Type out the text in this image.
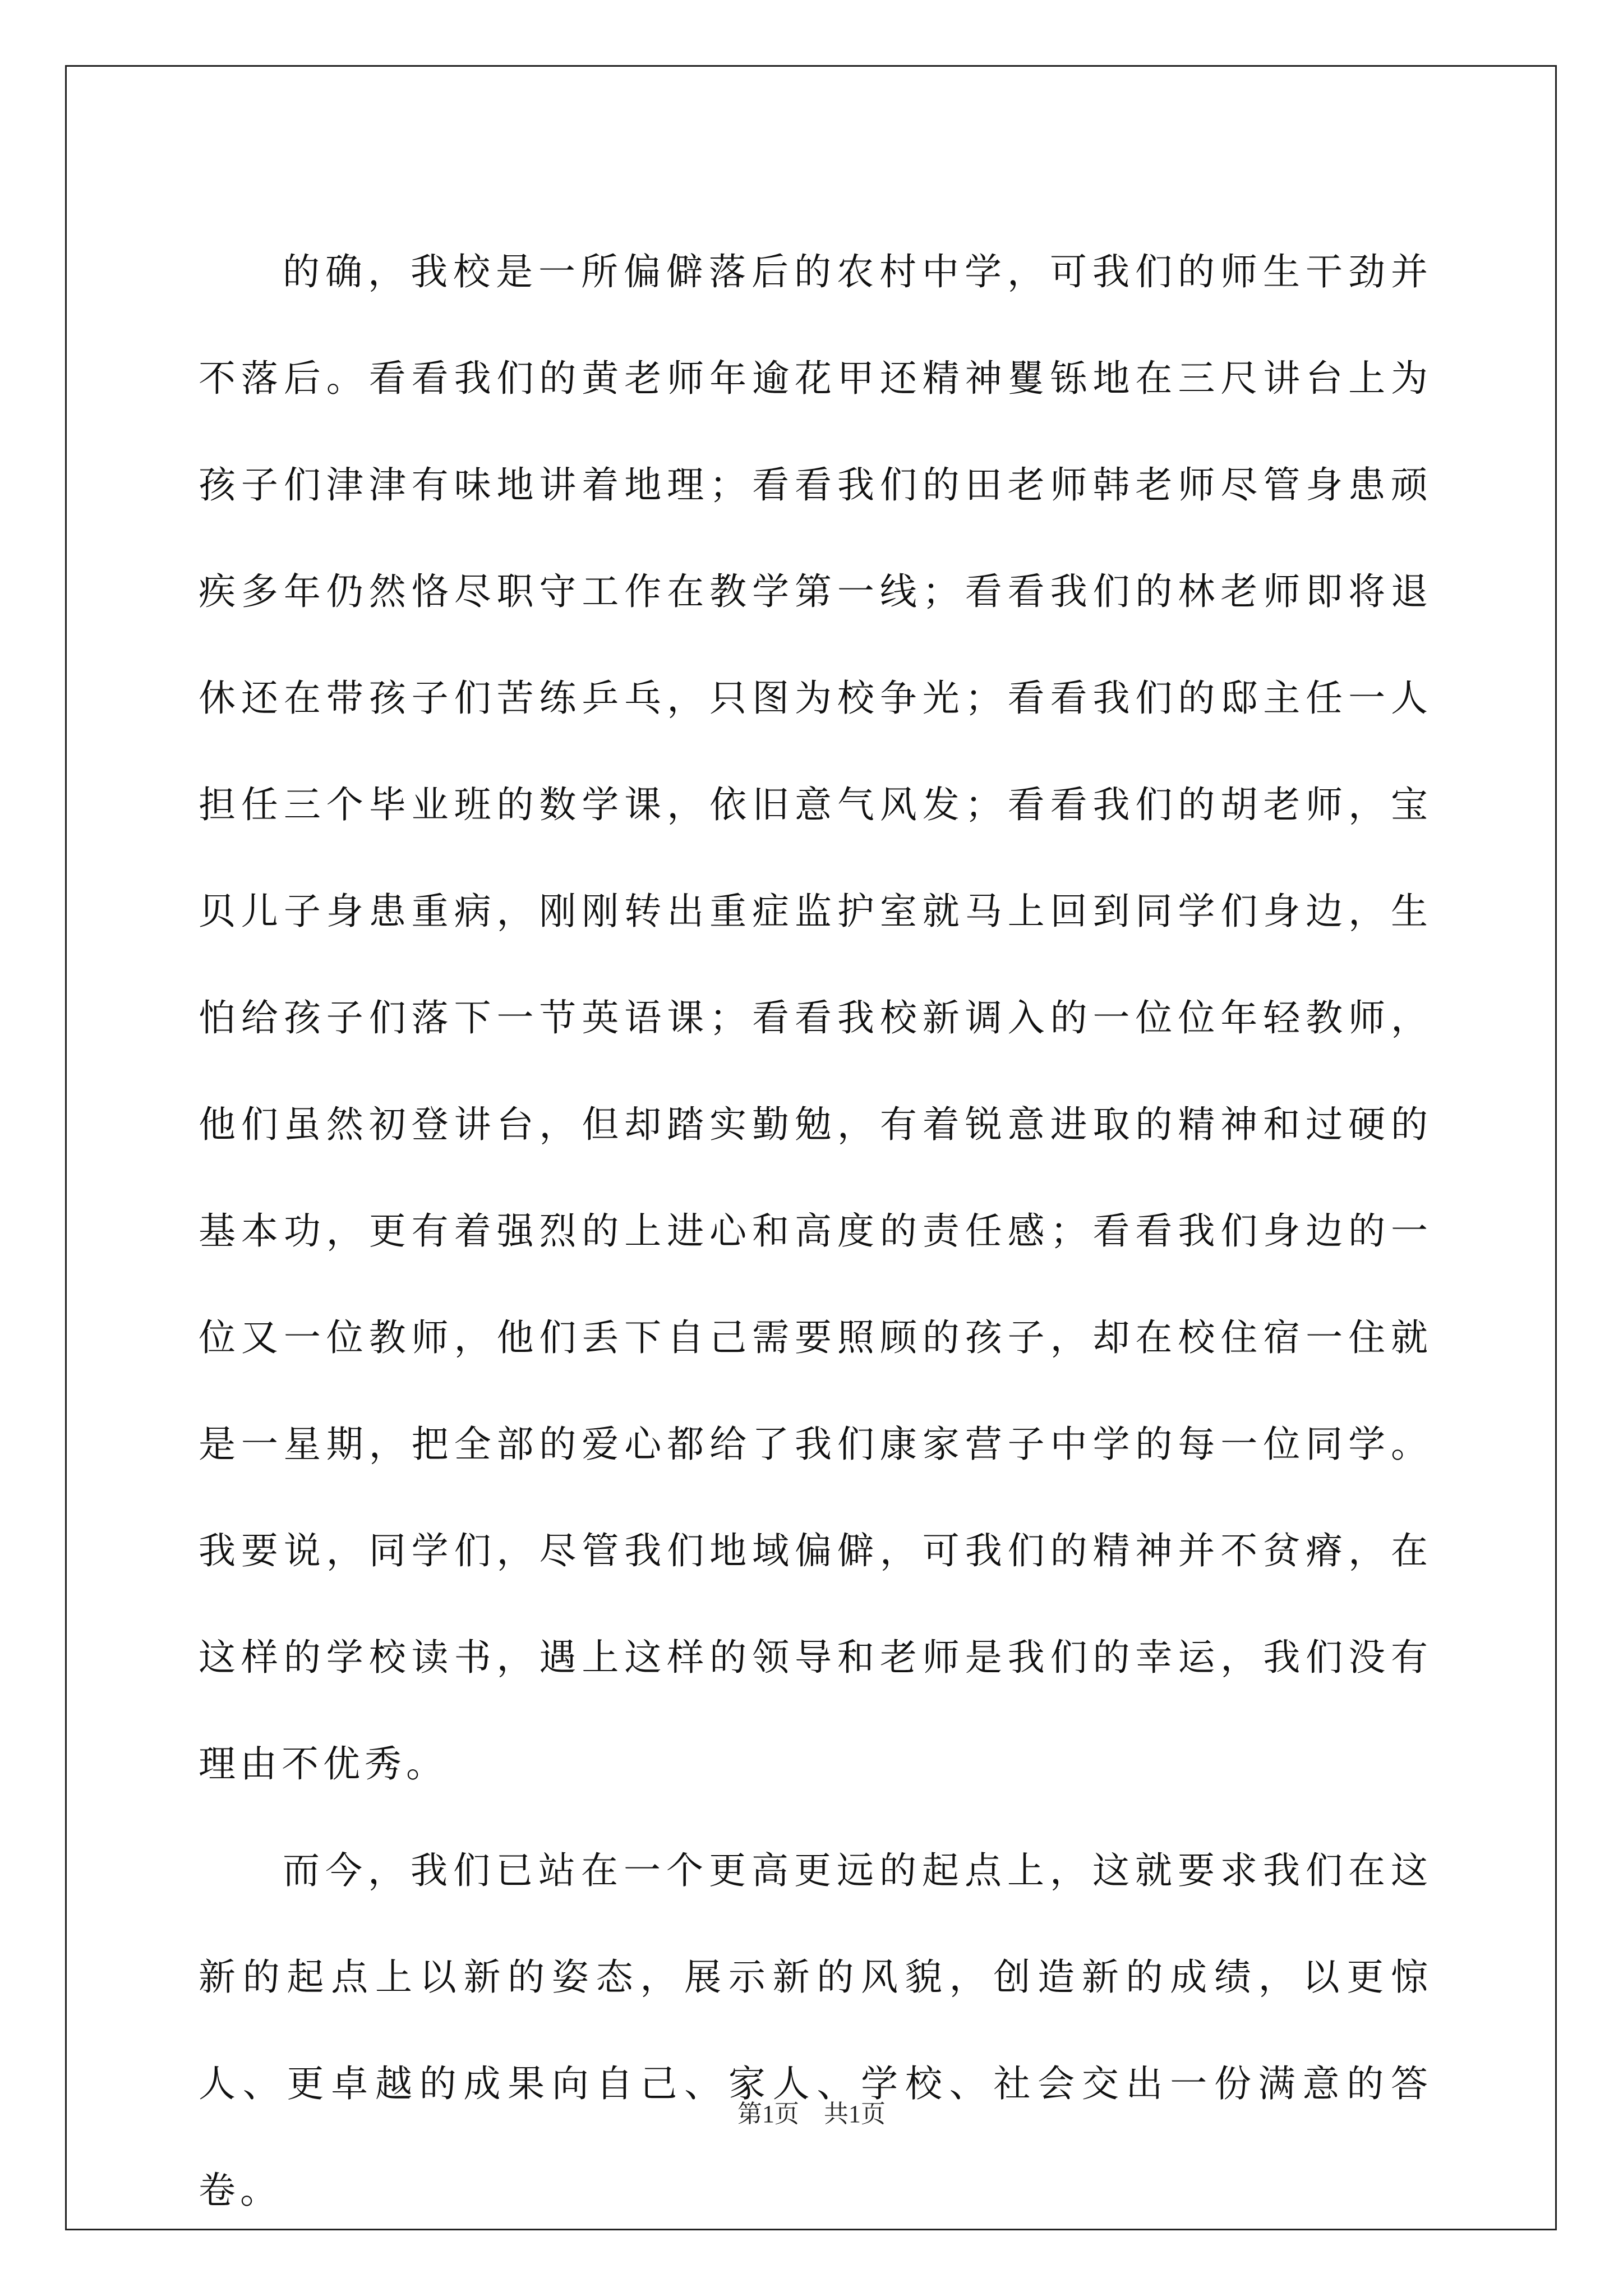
的确，我校是一所偏僻落后的农村中学，可我们的师生干劲并不落后。看看我们的黄老师年逾花甲还精神矍铄地在三尺讲台上为孩子们津津有味地讲着地理；看看我们的田老师韩老师尽管身患顽疾多年仍然恪尽职守工作在教学第一线；看看我们的林老师即将退休还在带孩子们苦练乒乓，只图为校争光；看看我们的邸主任一人担任三个毕业班的数学课，依旧意气风发；看看我们的胡老师，宝贝儿子身患重病，刚刚转出重症监护室就马上回到同学们身边，生怕给孩子们落下一节英语课；看看我校新调入的一位位年轻教师，他们虽然初登讲台，但却踏实勤勉，有着锐意进取的精神和过硬的基本功，更有着强烈的上进心和高度的责任感；看看我们身边的一位又一位教师，他们丢下自己需要照顾的孩子，却在校住宿一住就是一星期，把全部的爱心都给了我们康家营子中学的每一位同学。我要说，同学们，尽管我们地域偏僻，可我们的精神并不贫瘠，在这样的学校读书，遇上这样的领导和老师是我们的幸运，我们没有理由不优秀。

而今，我们已站在一个更高更远的起点上，这就要求我们在这新的起点上以新的姿态，展示新的风貌，创造新的成绩，以更惊人、更卓越的成果向自己、家人、学校、社会交出一份满意的答卷。

第1页　共1页
